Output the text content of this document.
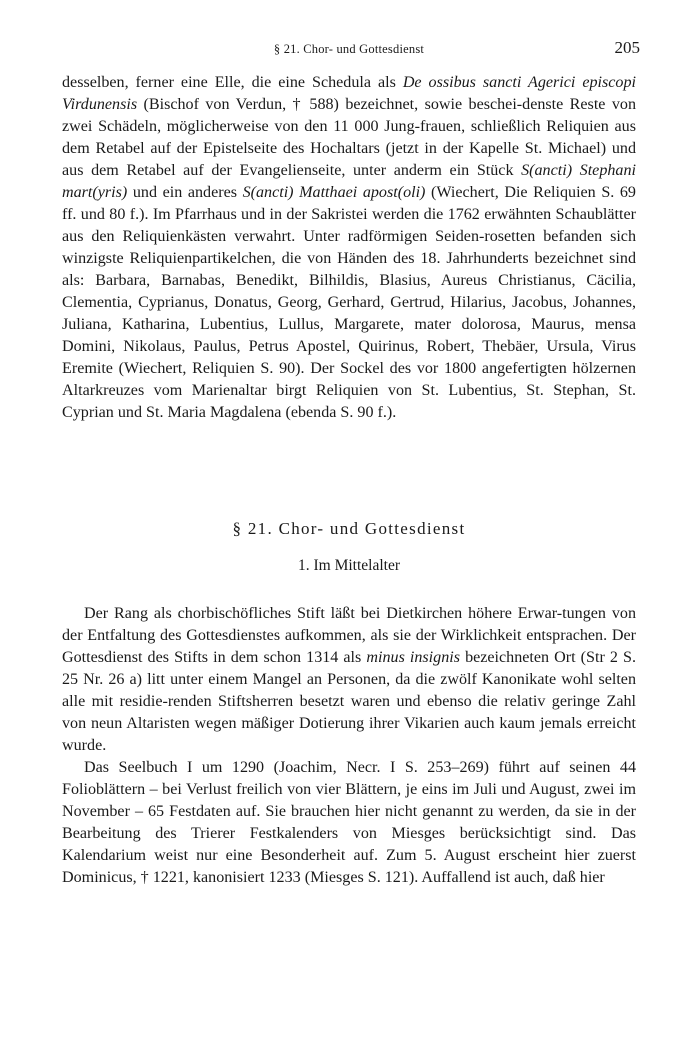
§ 21. Chor- und Gottesdienst	205

desselben, ferner eine Elle, die eine Schedula als De ossibus sancti Agerici episcopi Virdunensis (Bischof von Verdun, † 588) bezeichnet, sowie beschei-denste Reste von zwei Schädeln, möglicherweise von den 11 000 Jung-frauen, schließlich Reliquien aus dem Retabel auf der Epistelseite des Hochaltars (jetzt in der Kapelle St. Michael) und aus dem Retabel auf der Evangelienseite, unter anderm ein Stück S(ancti) Stephani mart(yris) und ein anderes S(ancti) Matthaei apost(oli) (Wiechert, Die Reliquien S. 69 ff. und 80 f.). Im Pfarrhaus und in der Sakristei werden die 1762 erwähnten Schaublätter aus den Reliquienkästen verwahrt. Unter radförmigen Seiden-rosetten befanden sich winzigste Reliquienpartikelchen, die von Händen des 18. Jahrhunderts bezeichnet sind als: Barbara, Barnabas, Benedikt, Bilhildis, Blasius, Aureus Christianus, Cäcilia, Clementia, Cyprianus, Donatus, Georg, Gerhard, Gertrud, Hilarius, Jacobus, Johannes, Juliana, Katharina, Lubentius, Lullus, Margarete, mater dolorosa, Maurus, mensa Domini, Nikolaus, Paulus, Petrus Apostel, Quirinus, Robert, Thebäer, Ursula, Virus Eremite (Wiechert, Reliquien S. 90). Der Sockel des vor 1800 angefertigten hölzernen Altarkreuzes vom Marienaltar birgt Reliquien von St. Lubentius, St. Stephan, St. Cyprian und St. Maria Magdalena (ebenda S. 90 f.).

§ 21. Chor- und Gottesdienst
1. Im Mittelalter

Der Rang als chorbischöfliches Stift läßt bei Dietkirchen höhere Erwar-tungen von der Entfaltung des Gottesdienstes aufkommen, als sie der Wirklichkeit entsprachen. Der Gottesdienst des Stifts in dem schon 1314 als minus insignis bezeichneten Ort (Str 2 S. 25 Nr. 26 a) litt unter einem Mangel an Personen, da die zwölf Kanonikate wohl selten alle mit residie-renden Stiftsherren besetzt waren und ebenso die relativ geringe Zahl von neun Altaristen wegen mäßiger Dotierung ihrer Vikarien auch kaum jemals erreicht wurde.

Das Seelbuch I um 1290 (Joachim, Necr. I S. 253–269) führt auf seinen 44 Folioblättern – bei Verlust freilich von vier Blättern, je eins im Juli und August, zwei im November – 65 Festdaten auf. Sie brauchen hier nicht genannt zu werden, da sie in der Bearbeitung des Trierer Festkalenders von Miesges berücksichtigt sind. Das Kalendarium weist nur eine Besonderheit auf. Zum 5. August erscheint hier zuerst Dominicus, † 1221, kanonisiert 1233 (Miesges S. 121). Auffallend ist auch, daß hier
